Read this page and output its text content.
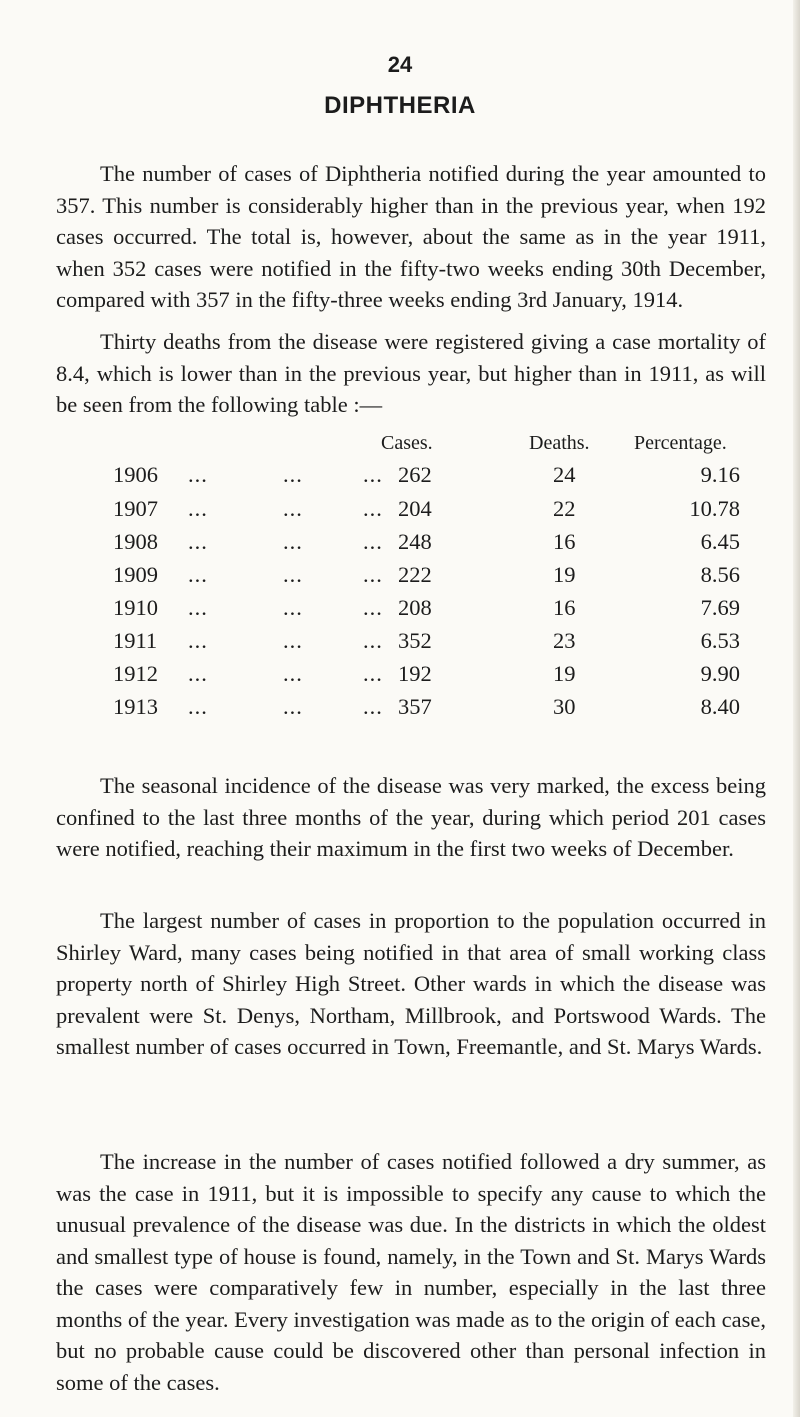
24
DIPHTHERIA

The number of cases of Diphtheria notified during the year amounted to 357. This number is considerably higher than in the previous year, when 192 cases occurred. The total is, however, about the same as in the year 1911, when 352 cases were notified in the fifty-two weeks ending 30th December, compared with 357 in the fifty-three weeks ending 3rd January, 1914.

Thirty deaths from the disease were registered giving a case mortality of 8.4, which is lower than in the previous year, but higher than in 1911, as will be seen from the following table :—

Cases.	Deaths. Percentage.
1906 ...	...	... 262	24	9.16
1907 ...	...	... 204	22	10.78
1908 ...	...	... 248	16	6.45
1909 ...	...	... 222	19	8.56
1910 ...	...	... 208	16	7.69
1911 ...	...	... 352	23	6.53
1912 ...	...	... 192	19	9.90
1913 ...	...	... 357	30	8.40

The seasonal incidence of the disease was very marked, the excess being confined to the last three months of the year, during which period 201 cases were notified, reaching their maximum in the first two weeks of December.

The largest number of cases in proportion to the population occurred in Shirley Ward, many cases being notified in that area of small working class property north of Shirley High Street. Other wards in which the disease was prevalent were St. Denys, Northam, Millbrook, and Portswood Wards. The smallest number of cases occurred in Town, Freemantle, and St. Marys Wards.

The increase in the number of cases notified followed a dry summer, as was the case in 1911, but it is impossible to specify any cause to which the unusual prevalence of the disease was due. In the districts in which the oldest and smallest type of house is found, namely, in the Town and St. Marys Wards the cases were comparatively few in number, especially in the last three months of the year. Every investigation was made as to the origin of each case, but no probable cause could be discovered other than personal infection in some of the cases.
